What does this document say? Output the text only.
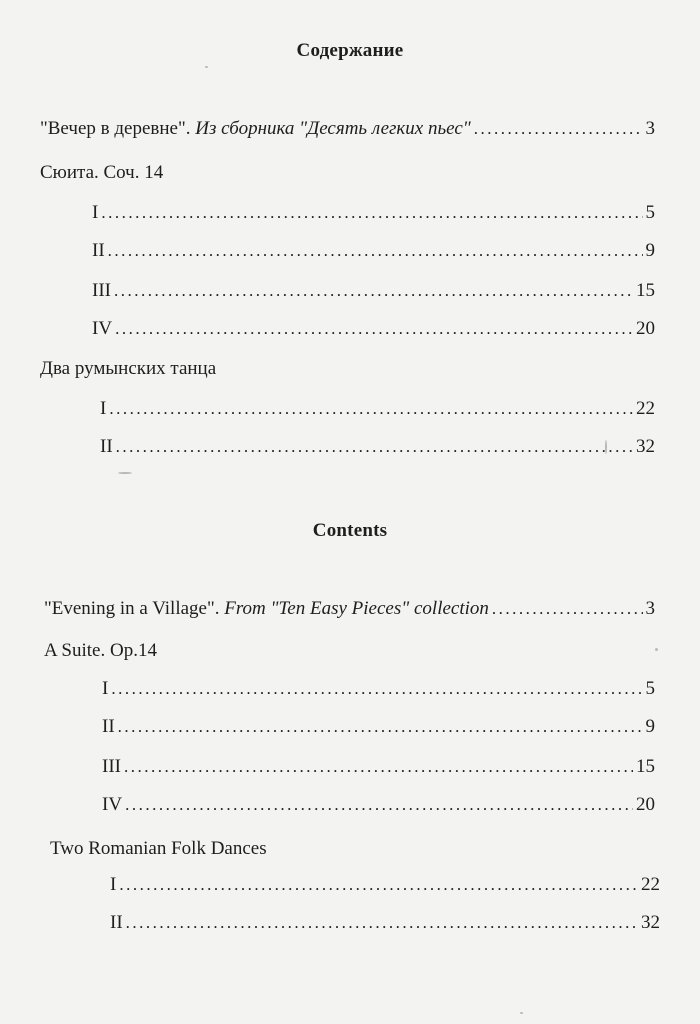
Содержание
"Вечер в деревне".
Из сборника "Десять легких пьес" .....	3
Сюита. Соч. 14
I .....	5
II .....	9
III .....	15
IV .....	20
Два румынских танца
I .....	22
II .....	32
Contents
"Evening in a Village".
From "Ten Easy Pieces"
collection .....	3
A Suite. Op.14
I .....	5
II .....	9
III .....	15
IV .....	20
Two Romanian Folk Dances
I .....	22
II .....	32
